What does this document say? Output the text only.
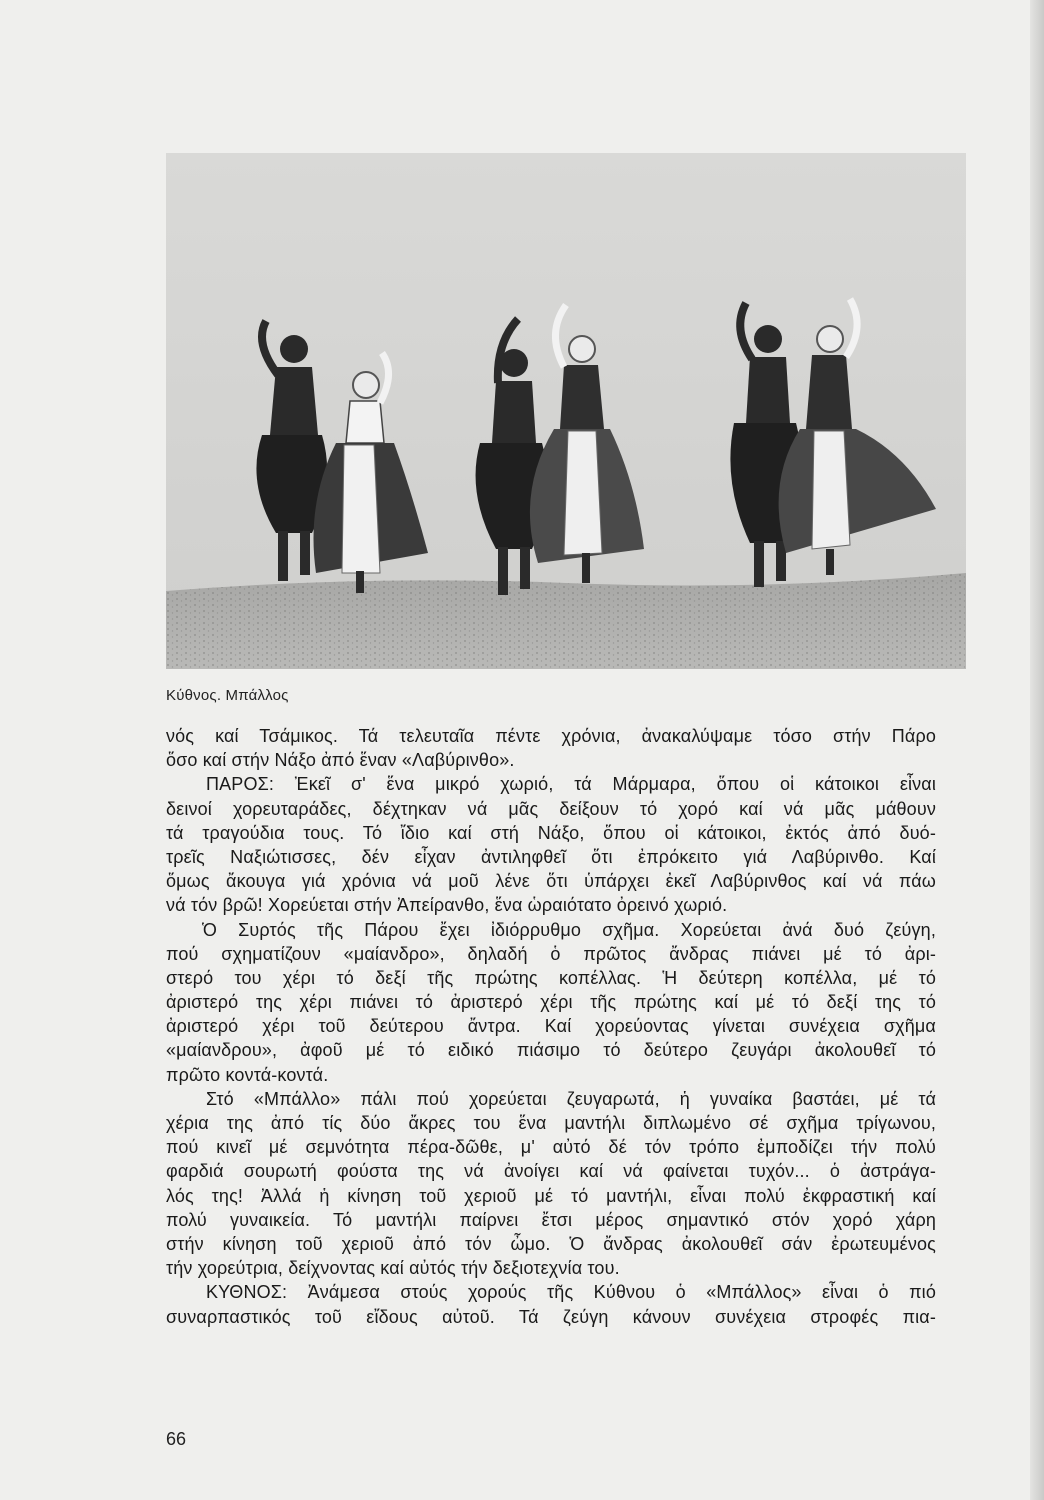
Κύθνος. Μπάλλος
νός καί Τσάμικος. Τά τελευταῖα πέντε χρόνια, ἀνακαλύψαμε τόσο στήν Πάρο
ὅσο καί στήν Νάξο ἀπό ἕναν «Λαβύρινθο».
ΠΑΡΟΣ: Ἐκεῖ σ' ἕνα μικρό χωριό, τά Μάρμαρα, ὅπου οἱ κάτοικοι εἶναι
δεινοί χορευταράδες, δέχτηκαν νά μᾶς δείξουν τό χορό καί νά μᾶς μάθουν
τά τραγούδια τους. Τό ἴδιο καί στή Νάξο, ὅπου οἱ κάτοικοι, ἐκτός ἀπό δυό-
τρεῖς Ναξιώτισσες, δέν εἶχαν ἀντιληφθεῖ ὅτι ἐπρόκειτο γιά Λαβύρινθο. Καί
ὅμως ἄκουγα γιά χρόνια νά μοῦ λένε ὅτι ὑπάρχει ἐκεῖ Λαβύρινθος καί νά πάω
νά τόν βρῶ! Χορεύεται στήν Ἀπείρανθο, ἕνα ὡραιότατο ὀρεινό χωριό.
Ὁ Συρτός τῆς Πάρου ἔχει ἰδιόρρυθμο σχῆμα. Χορεύεται ἀνά δυό ζεύγη,
πού σχηματίζουν «μαίανδρο», δηλαδή ὁ πρῶτος ἄνδρας πιάνει μέ τό ἀρι-
στερό του χέρι τό δεξί τῆς πρώτης κοπέλλας. Ἡ δεύτερη κοπέλλα, μέ τό
ἀριστερό της χέρι πιάνει τό ἀριστερό χέρι τῆς πρώτης καί μέ τό δεξί της τό
ἀριστερό χέρι τοῦ δεύτερου ἄντρα. Καί χορεύοντας γίνεται συνέχεια σχῆμα
«μαίανδρου», ἀφοῦ μέ τό ειδικό πιάσιμο τό δεύτερο ζευγάρι ἀκολουθεῖ τό
πρῶτο κοντά-κοντά.
Στό «Μπάλλο» πάλι πού χορεύεται ζευγαρωτά, ἡ γυναίκα βαστάει, μέ τά
χέρια της ἀπό τίς δύο ἄκρες του ἕνα μαντήλι διπλωμένο σέ σχῆμα τρίγωνου,
πού κινεῖ μέ σεμνότητα πέρα-δῶθε, μ' αὐτό δέ τόν τρόπο ἐμποδίζει τήν πολύ
φαρδιά σουρωτή φούστα της νά ἀνοίγει καί νά φαίνεται τυχόν... ὁ ἀστράγα-
λός της! Ἀλλά ἡ κίνηση τοῦ χεριοῦ μέ τό μαντήλι, εἶναι πολύ ἐκφραστική καί
πολύ γυναικεία. Τό μαντήλι παίρνει ἔτσι μέρος σημαντικό στόν χορό χάρη
στήν κίνηση τοῦ χεριοῦ ἀπό τόν ὦμο. Ὁ ἄνδρας ἀκολουθεῖ σάν ἐρωτευμένος
τήν χορεύτρια, δείχνοντας καί αὐτός τήν δεξιοτεχνία του.
ΚΥΘΝΟΣ: Ἀνάμεσα στούς χορούς τῆς Κύθνου ὁ «Μπάλλος» εἶναι ὁ πιό
συναρπαστικός τοῦ εἴδους αὐτοῦ. Τά ζεύγη κάνουν συνέχεια στροφές πια-
66
